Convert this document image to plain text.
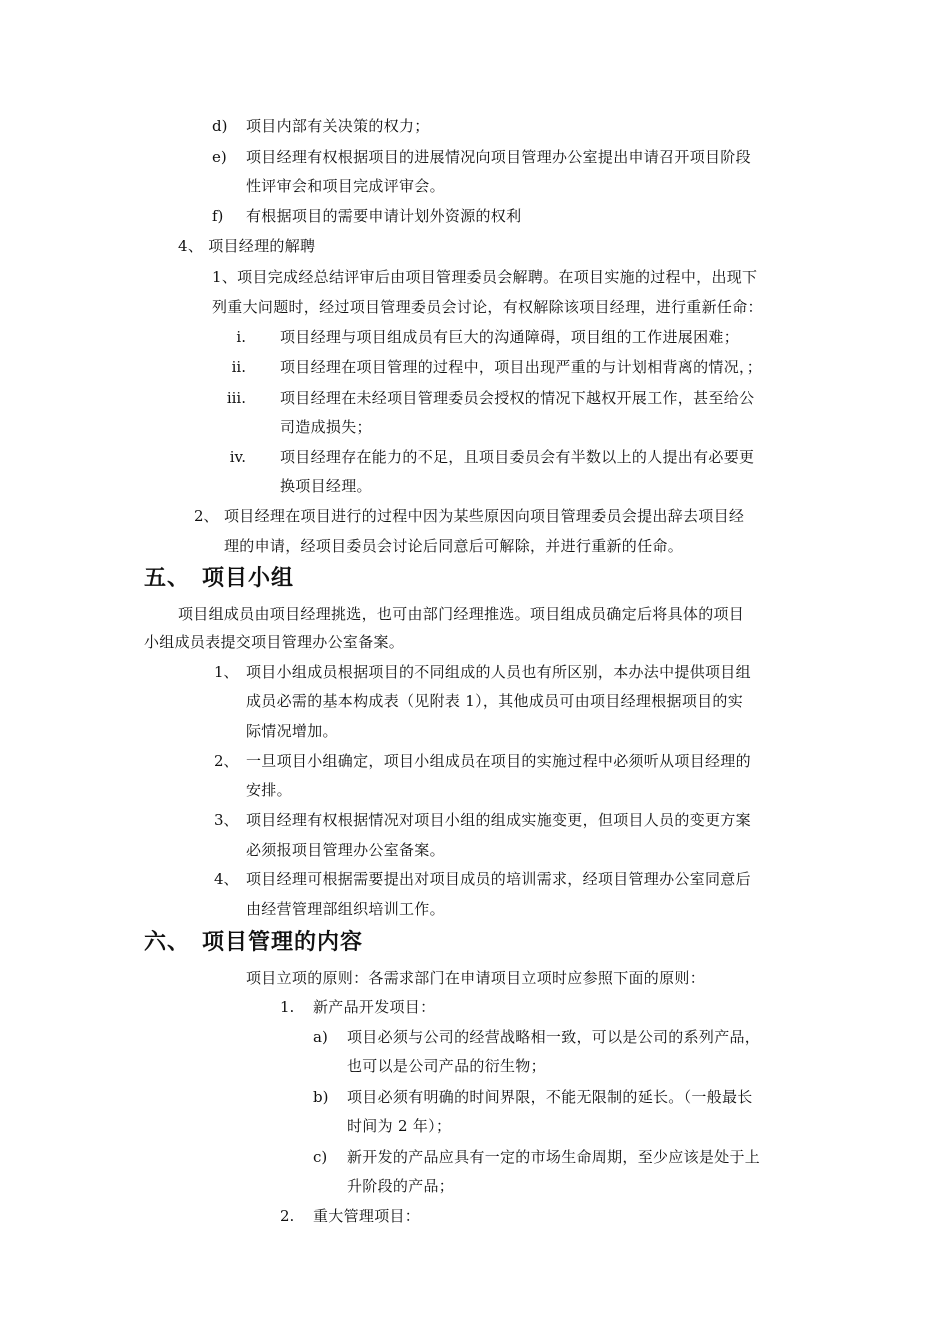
d) 项目内部有关决策的权力；
e) 项目经理有权根据项目的进展情况向项目管理办公室提出申请召开项目阶段
性评审会和项目完成评审会。
f) 有根据项目的需要申请计划外资源的权利
4、 项目经理的解聘
1、项目完成经总结评审后由项目管理委员会解聘。在项目实施的过程中，出现下
列重大问题时，经过项目管理委员会讨论，有权解除该项目经理，进行重新任命：
i. 项目经理与项目组成员有巨大的沟通障碍，项目组的工作进展困难；
ii. 项目经理在项目管理的过程中，项目出现严重的与计划相背离的情况，；
iii. 项目经理在未经项目管理委员会授权的情况下越权开展工作，甚至给公
司造成损失；
iv. 项目经理存在能力的不足，且项目委员会有半数以上的人提出有必要更
换项目经理。
2、 项目经理在项目进行的过程中因为某些原因向项目管理委员会提出辞去项目经
理的申请，经项目委员会讨论后同意后可解除，并进行重新的任命。
五、 项目小组
项目组成员由项目经理挑选，也可由部门经理推选。项目组成员确定后将具体的项目
小组成员表提交项目管理办公室备案。
1、 项目小组成员根据项目的不同组成的人员也有所区别，本办法中提供项目组
成员必需的基本构成表（见附表 1），其他成员可由项目经理根据项目的实
际情况增加。
2、 一旦项目小组确定，项目小组成员在项目的实施过程中必须听从项目经理的
安排。
3、 项目经理有权根据情况对项目小组的组成实施变更，但项目人员的变更方案
必须报项目管理办公室备案。
4、 项目经理可根据需要提出对项目成员的培训需求，经项目管理办公室同意后
由经营管理部组织培训工作。
六、 项目管理的内容
项目立项的原则：各需求部门在申请项目立项时应参照下面的原则：
1. 新产品开发项目：
a) 项目必须与公司的经营战略相一致，可以是公司的系列产品，
也可以是公司产品的衍生物；
b) 项目必须有明确的时间界限，不能无限制的延长。（一般最长
时间为 2 年）；
c) 新开发的产品应具有一定的市场生命周期，至少应该是处于上
升阶段的产品；
2. 重大管理项目：
